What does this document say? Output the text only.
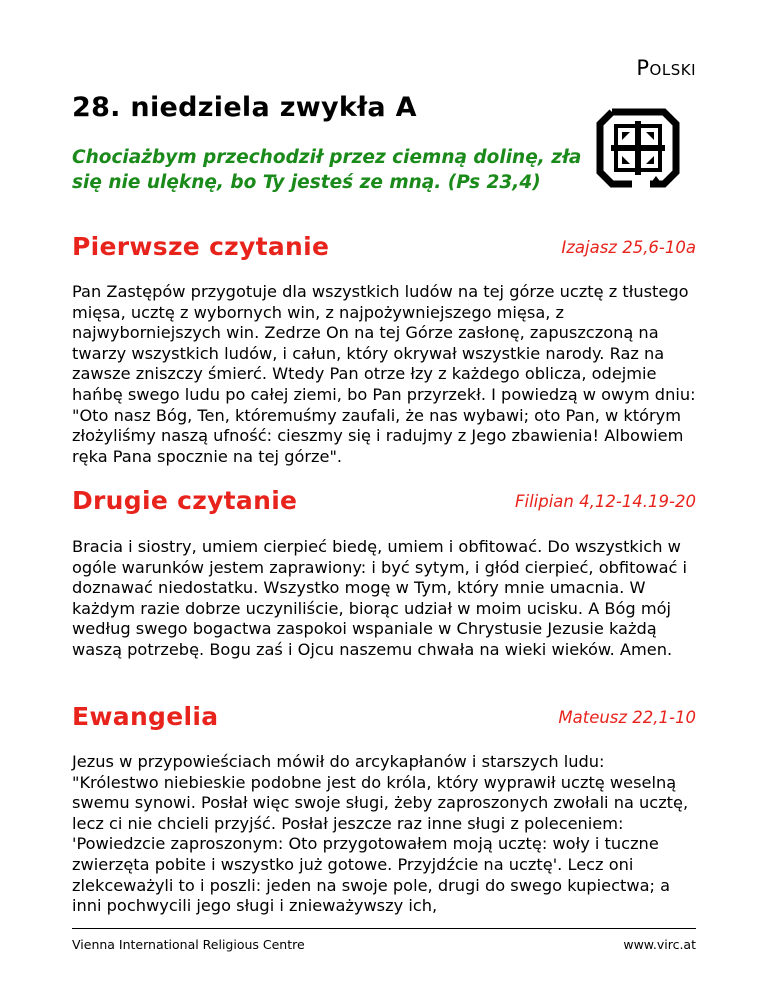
Polski
28. niedziela zwykła A
Chociażbym przechodził przez ciemną dolinę, zła się nie ulęknę, bo Ty jesteś ze mną. (Ps 23,4)
Pierwsze czytanie	Izajasz 25,6-10a

Pan Zastępów przygotuje dla wszystkich ludów na tej górze ucztę z tłustego mięsa, ucztę z wybornych win, z najpożywniejszego mięsa, z najwyborniejszych win. Zedrze On na tej Górze zasłonę, zapuszczoną na twarzy wszystkich ludów, i całun, który okrywał wszystkie narody. Raz na zawsze zniszczy śmierć. Wtedy Pan otrze łzy z każdego oblicza, odejmie hańbę swego ludu po całej ziemi, bo Pan przyrzekł. I powiedzą w owym dniu: "Oto nasz Bóg, Ten, któremuśmy zaufali, że nas wybawi; oto Pan, w którym złożyliśmy naszą ufność: cieszmy się i radujmy z Jego zbawienia! Albowiem ręka Pana spocznie na tej górze".

Drugie czytanie	Filipian 4,12-14.19-20

Bracia i siostry, umiem cierpieć biedę, umiem i obfitować. Do wszystkich w ogóle warunków jestem zaprawiony: i być sytym, i głód cierpieć, obfitować i doznawać niedostatku. Wszystko mogę w Tym, który mnie umacnia. W każdym razie dobrze uczyniliście, biorąc udział w moim ucisku. A Bóg mój według swego bogactwa zaspokoi wspaniale w Chrystusie Jezusie każdą waszą potrzebę. Bogu zaś i Ojcu naszemu chwała na wieki wieków. Amen.

Ewangelia	Mateusz 22,1-10

Jezus w przypowieściach mówił do arcykapłanów i starszych ludu: "Królestwo niebieskie podobne jest do króla, który wyprawił ucztę weselną swemu synowi. Posłał więc swoje sługi, żeby zaproszonych zwołali na ucztę, lecz ci nie chcieli przyjść. Posłał jeszcze raz inne sługi z poleceniem: 'Powiedzcie zaproszonym: Oto przygotowałem moją ucztę: woły i tuczne zwierzęta pobite i wszystko już gotowe. Przyjdźcie na ucztę'. Lecz oni zlekceważyli to i poszli: jeden na swoje pole, drugi do swego kupiectwa; a inni pochwycili jego sługi i znieważywszy ich,

Vienna International Religious Centre	www.virc.at
